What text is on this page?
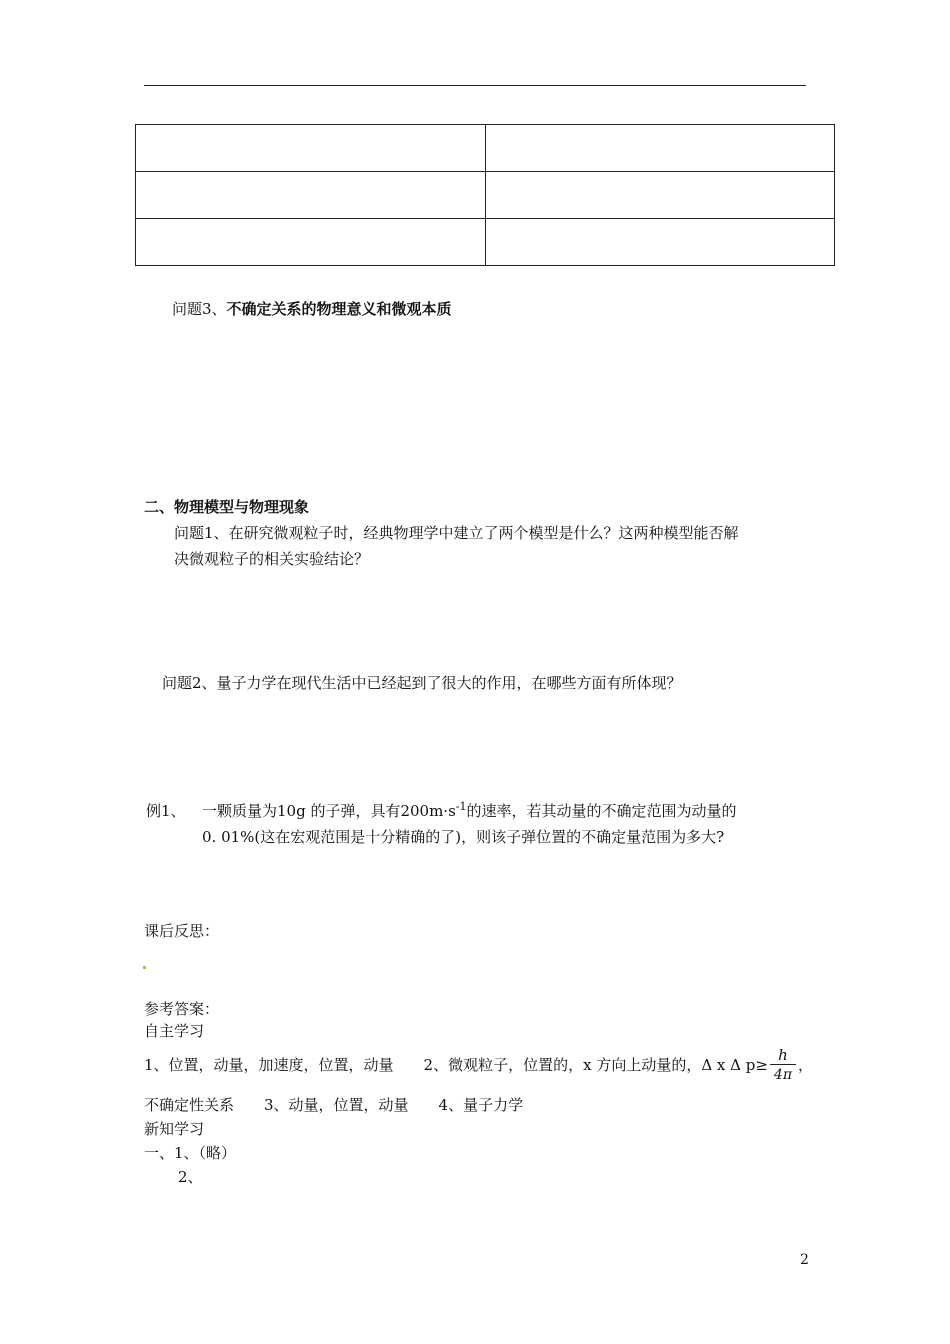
问题3、不确定关系的物理意义和微观本质
二、物理模型与物理现象
问题1、在研究微观粒子时，经典物理学中建立了两个模型是什么？这两种模型能否解
决微观粒子的相关实验结论？
问题2、量子力学在现代生活中已经起到了很大的作用，在哪些方面有所体现？
例1、 一颗质量为10g 的子弹，具有$200m\cdot s^{-1}$的速率，若其动量的不确定范围为动量的
0. 01%(这在宏观范围是十分精确的了)，则该子弹位置的不确定量范围为多大?
课后反思：
参考答案：
自主学习
1、位置，动量，加速度，位置，动量　　2、微观粒子，位置的，x 方向上动量的，Δ x Δ $p\ge \frac{h}{4\pi}$ ，
不确定性关系　　3、动量，位置，动量　　4、量子力学
新知学习
一、1、（略）
2、
2
